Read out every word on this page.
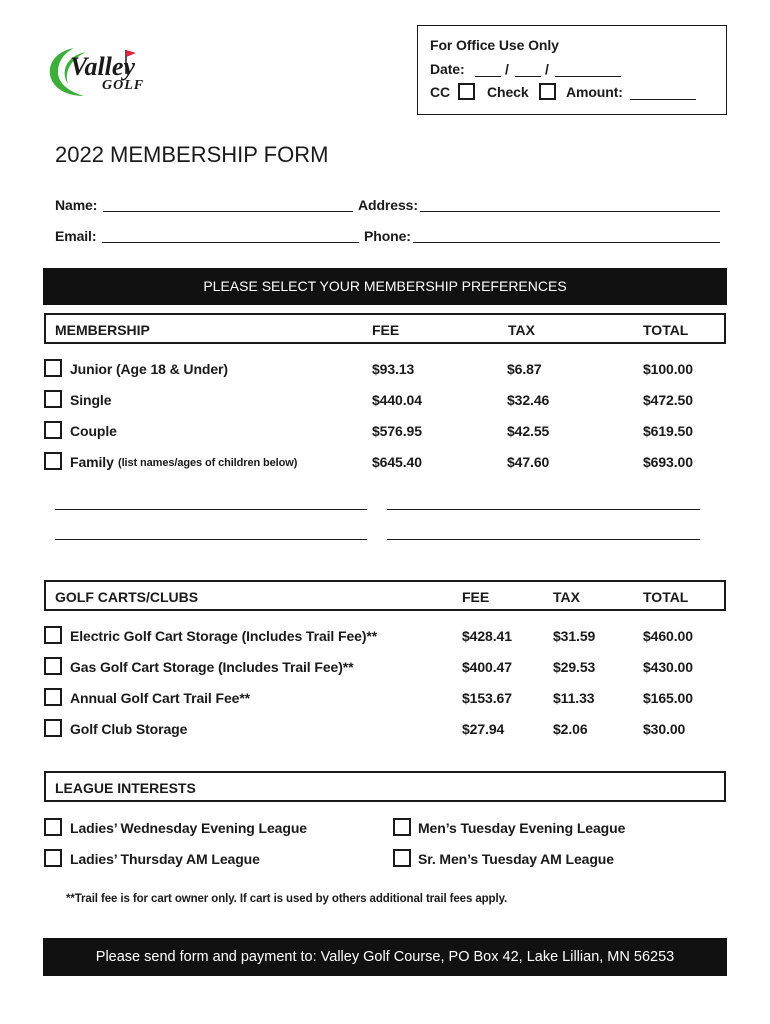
Valley
GOLF
For Office Use Only
Date:	/	/
CC	Check	Amount:
2022 MEMBERSHIP FORM
Name:	Address:
Email:	Phone:
PLEASE SELECT YOUR MEMBERSHIP PREFERENCES
MEMBERSHIP	FEE	TAX	TOTAL
Junior (Age 18 & Under)	$93.13	$6.87	$100.00
Single	$440.04	$32.46	$472.50
Couple	$576.95	$42.55	$619.50
Family (list names/ages of children below)	$645.40	$47.60	$693.00
GOLF CARTS/CLUBS	FEE	TAX	TOTAL
Electric Golf Cart Storage (Includes Trail Fee)**	$428.41	$31.59	$460.00
Gas Golf Cart Storage (Includes Trail Fee)**	$400.47	$29.53	$430.00
Annual Golf Cart Trail Fee**	$153.67	$11.33	$165.00
Golf Club Storage	$27.94	$2.06	$30.00
LEAGUE INTERESTS
Ladies’ Wednesday Evening League	Men’s Tuesday Evening League
Ladies’ Thursday AM League	Sr. Men’s Tuesday AM League
**Trail fee is for cart owner only. If cart is used by others additional trail fees apply.
Please send form and payment to: Valley Golf Course, PO Box 42, Lake Lillian, MN 56253
